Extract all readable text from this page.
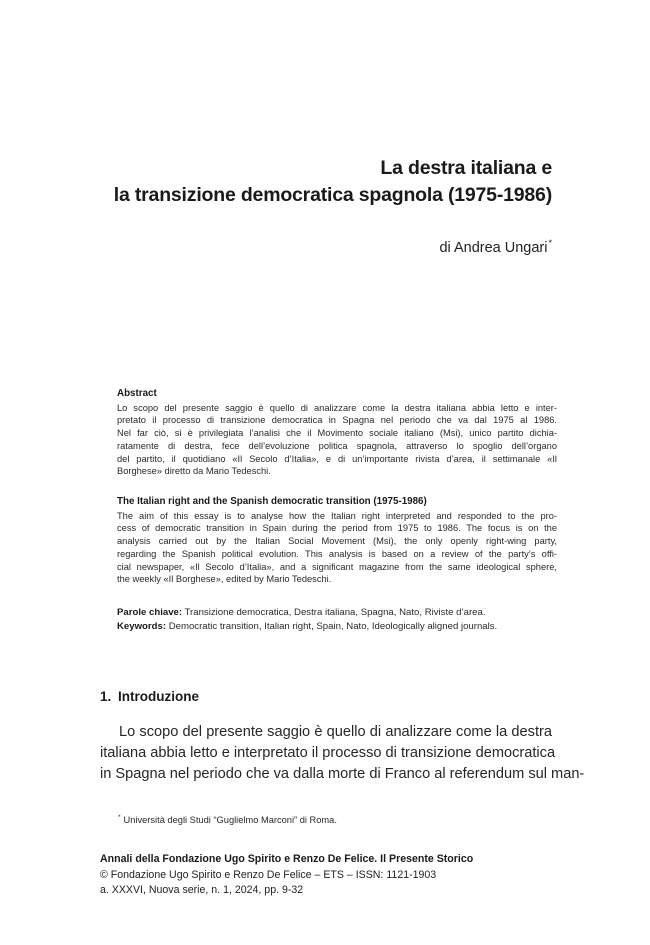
La destra italiana e
la transizione democratica spagnola (1975-1986)
di Andrea Ungari*
Abstract
Lo scopo del presente saggio è quello di analizzare come la destra italiana abbia letto e inter-
pretato il processo di transizione democratica in Spagna nel periodo che va dal 1975 al 1986.
Nel far ciò, si è privilegiata l’analisi che il Movimento sociale italiano (Msi), unico partito dichia-
ratamente di destra, fece dell’evoluzione politica spagnola, attraverso lo spoglio dell’organo
del partito, il quotidiano «Il Secolo d’Italia», e di un’importante rivista d’area, il settimanale «Il
Borghese» diretto da Mario Tedeschi.
The Italian right and the Spanish democratic transition (1975-1986)
The aim of this essay is to analyse how the Italian right interpreted and responded to the pro-
cess of democratic transition in Spain during the period from 1975 to 1986. The focus is on the
analysis carried out by the Italian Social Movement (Msi), the only openly right-wing party,
regarding the Spanish political evolution. This analysis is based on a review of the party’s offi-
cial newspaper, «Il Secolo d’Italia», and a significant magazine from the same ideological sphere,
the weekly «Il Borghese», edited by Mario Tedeschi.
Parole chiave: Transizione democratica, Destra italiana, Spagna, Nato, Riviste d’area.
Keywords: Democratic transition, Italian right, Spain, Nato, Ideologically aligned journals.
1. Introduzione
Lo scopo del presente saggio è quello di analizzare come la destra
italiana abbia letto e interpretato il processo di transizione democratica
in Spagna nel periodo che va dalla morte di Franco al referendum sul man-
* Università degli Studi “Guglielmo Marconi” di Roma.
Annali della Fondazione Ugo Spirito e Renzo De Felice. Il Presente Storico
© Fondazione Ugo Spirito e Renzo De Felice – ETS – ISSN: 1121-1903
a. XXXVI, Nuova serie, n. 1, 2024, pp. 9-32
